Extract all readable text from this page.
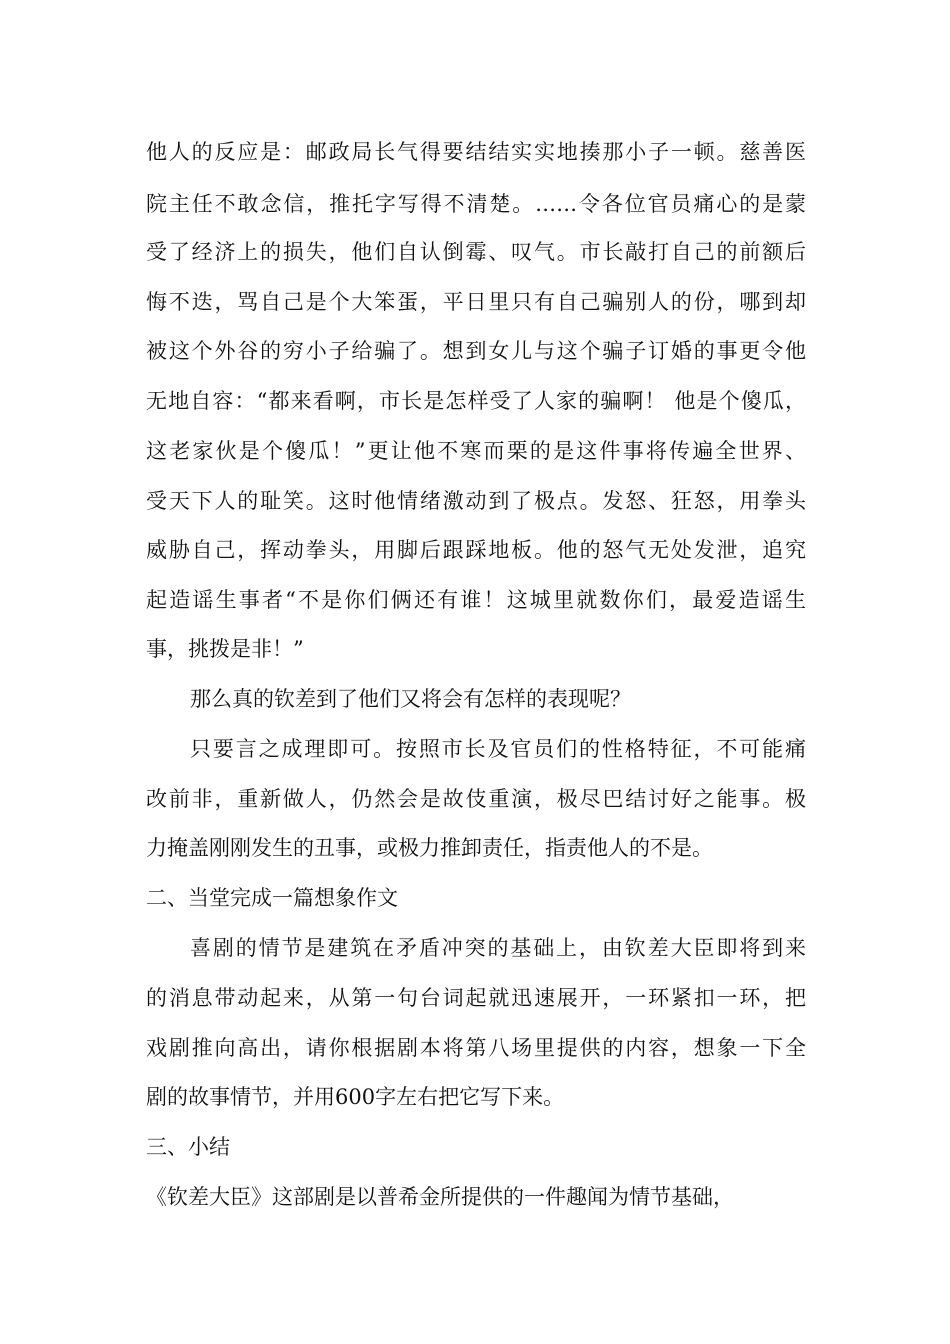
他人的反应是：邮政局长气得要结结实实地揍那小子一顿。慈善医
院主任不敢念信，推托字写得不清楚。……令各位官员痛心的是蒙
受了经济上的损失，他们自认倒霉、叹气。市长敲打自己的前额后
悔不迭，骂自己是个大笨蛋，平日里只有自己骗别人的份，哪到却
被这个外谷的穷小子给骗了。想到女儿与这个骗子订婚的事更令他
无地自容：“都来看啊，市长是怎样受了人家的骗啊！ 他是个傻瓜，
这老家伙是个傻瓜！”更让他不寒而栗的是这件事将传遍全世界、
受天下人的耻笑。这时他情绪激动到了极点。发怒、狂怒，用拳头
威胁自己，挥动拳头，用脚后跟踩地板。他的怒气无处发泄，追究
起造谣生事者“不是你们俩还有谁！这城里就数你们，最爱造谣生
事，挑拨是非！”
那么真的钦差到了他们又将会有怎样的表现呢？
只要言之成理即可。按照市长及官员们的性格特征，不可能痛
改前非，重新做人，仍然会是故伎重演，极尽巴结讨好之能事。极
力掩盖刚刚发生的丑事，或极力推卸责任，指责他人的不是。
二、当堂完成一篇想象作文
喜剧的情节是建筑在矛盾冲突的基础上，由钦差大臣即将到来
的消息带动起来，从第一句台词起就迅速展开，一环紧扣一环，把
戏剧推向高出，请你根据剧本将第八场里提供的内容，想象一下全
剧的故事情节，并用600字左右把它写下来。
三、小结
《钦差大臣》这部剧是以普希金所提供的一件趣闻为情节基础，
